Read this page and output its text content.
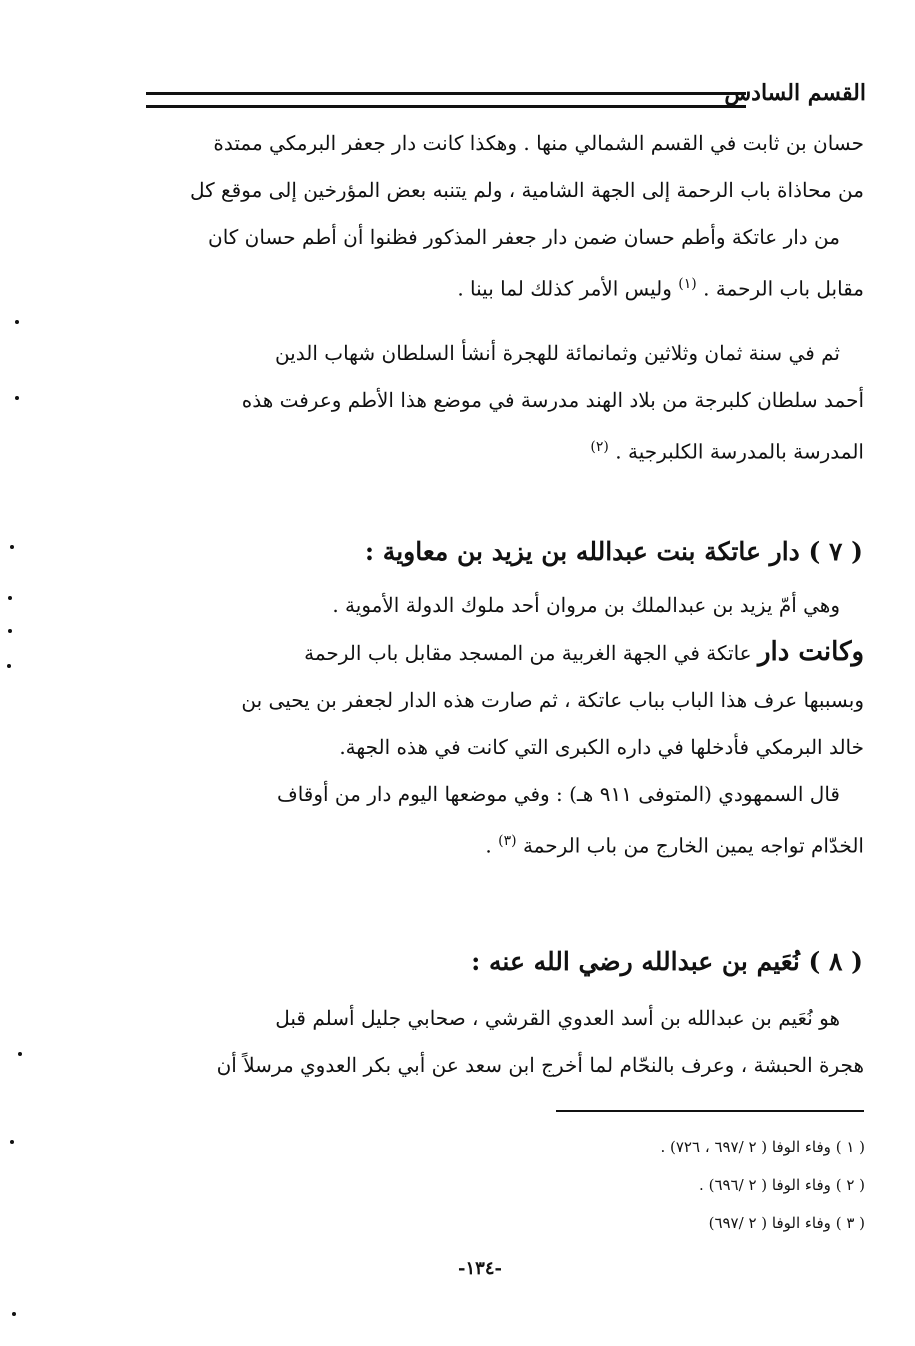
القسم السادس
حسان بن ثابت في القسم الشمالي منها . وهكذا كانت دار جعفر البرمكي ممتدة
من محاذاة باب الرحمة إلى الجهة الشامية ، ولم يتنبه بعض المؤرخين إلى موقع كل
من دار عاتكة وأطم حسان ضمن دار جعفر المذكور فظنوا أن أطم حسان كان
مقابل باب الرحمة . $^{(١)}$ وليس الأمر كذلك لما بينا .
ثم في سنة ثمان وثلاثين وثمانمائة للهجرة أنشأ السلطان شهاب الدين
أحمد سلطان كلبرجة من بلاد الهند مدرسة في موضع هذا الأطم وعرفت هذه
المدرسة بالمدرسة الكلبرجية . $^{(٢)}$
( ٧ ) دار عاتكة بنت عبدالله بن يزيد بن معاوية :
وهي أمّ يزيد بن عبدالملك بن مروان أحد ملوك الدولة الأموية .
وكانت دار عاتكة في الجهة الغربية من المسجد مقابل باب الرحمة
وبسببها عرف هذا الباب بباب عاتكة ، ثم صارت هذه الدار لجعفر بن يحيى بن
خالد البرمكي فأدخلها في داره الكبرى التي كانت في هذه الجهة.
قال السمهودي (المتوفى ٩١١ هـ) : وفي موضعها اليوم دار من أوقاف
الخدّام تواجه يمين الخارج من باب الرحمة $^{(٣)}$ .
( ٨ ) نُعَيم بن عبدالله رضي الله عنه :
هو نُعَيم بن عبدالله بن أسد العدوي القرشي ، صحابي جليل أسلم قبل
هجرة الحبشة ، وعرف بالنحّام لما أخرج ابن سعد عن أبي بكر العدوي مرسلاً أن
( ١ ) وفاء الوفا ( ٢ /٦٩٧ ، ٧٢٦) .
( ٢ ) وفاء الوفا ( ٢ /٦٩٦) .
( ٣ ) وفاء الوفا ( ٢ /٦٩٧)
-١٣٤-
